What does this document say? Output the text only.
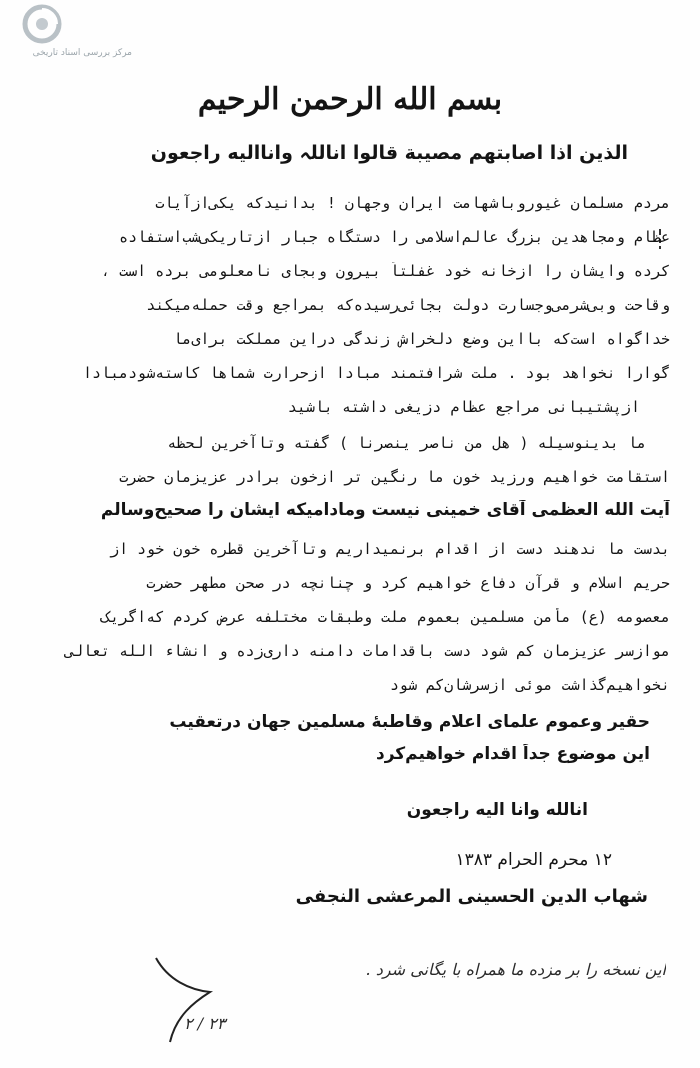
مرکز بررسی اسناد تاریخی
بسم الله الرحمن الرحیم
الذین اذا اصابتهم مصیبة قالوا اناللہ واناالیه راجعون
مردم مسلمان غیوروباشهامت ایران وجهان ! بدانیدکه یکی‌ازآیات
عظام ومجاهدین بزرگ عالم‌اسلامی را دستگاه جبار ازتاریکی‌شب‌استفاده
کرده وایشان را ازخانه خود غفلتاً بیرون وبجای نامعلومی برده است ،
وقاحت وبی‌شرمی‌وجسارت دولت بجائی‌رسیده‌که بمراجع وقت حمله‌میکند
خداگواه است‌که بااین وضع دلخراش زندگی دراین مملکت برای‌ما
گوارا نخواهد بود . ملت شرافتمند مبادا ازحرارت شماها کاسته‌شودمبادا
ازپشتیبانی مراجع عظام دزیغی داشته باشید
ما بدینوسیله ( هل من ناصر ینصرنا ) گفته وتاآخرین لحظه
استقامت خواهیم ورزید خون ما رنگین تر ازخون برادر عزیزمان حضرت
آیت الله العظمی آقای خمینی نیست وماداميكه ایشان را صحیح‌وسالم
بدست ما ندهند دست از اقدام برنمیداریم وتاآخرین قطره خون خود از
حریم اسلام و قرآن دفاع خواهیم کرد و چنانچه در صحن مطهر حضرت
معصومه (ع) مأمن مسلمین بعموم ملت وطبقات مختلفه عرض کردم که‌اگریک
موازسر عزیزمان کم شود دست باقدامات دامنه داری‌زده و انشاء الله تعالی
نخواهیم‌گذاشت موئی ازسرشان‌کم شود
حقیر وعموم علمای اعلام وقاطبهٔ مسلمین جهان درتعقیب
این موضوع جداً اقدام خواهیم‌کرد
انالله وانا الیه راجعون
۱۲ محرم الحرام ۱۳۸۳
شهاب الدین الحسینی المرعشی النجفی
این نسخه را بر مزده ما همراه با یگانی شرد .
۲۳ / ۲
